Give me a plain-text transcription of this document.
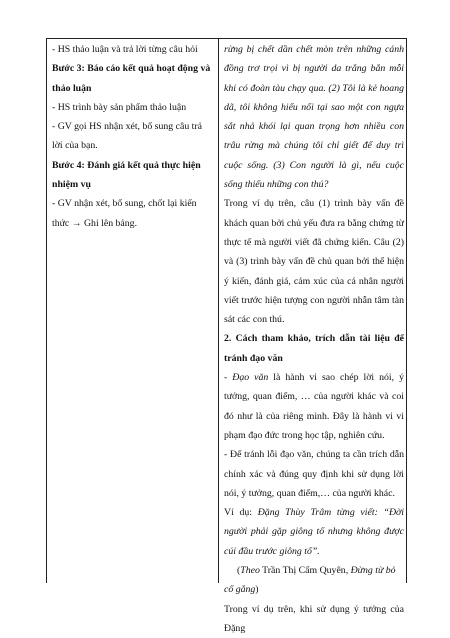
- HS thảo luận và trả lời từng câu hỏi

Bước 3: Báo cáo kết quả hoạt động và thảo luận

- HS trình bày sản phẩm thảo luận

- GV gọi HS nhận xét, bổ sung câu trả lời của bạn.

Bước 4: Đánh giá kết quả thực hiện nhiệm vụ

- GV nhận xét, bổ sung, chốt lại kiến thức → Ghi lên bảng.

rừng bị chết dần chết mòn trên những cánh đồng trơ trọi vì bị người da trắng bắn mỗi khi có đoàn tàu chạy qua. (2) Tôi là kẻ hoang dã, tôi không hiểu nổi tại sao một con ngựa sắt nhả khói lại quan trọng hơn nhiều con trâu rừng mà chúng tôi chỉ giết để duy trì cuộc sống. (3) Con người là gì, nếu cuộc sống thiếu những con thú?

Trong ví dụ trên, câu (1) trình bày vấn đề khách quan bởi chủ yếu đưa ra bằng chứng từ thực tế mà người viết đã chứng kiến. Câu (2) và (3) trình bày vấn đề chủ quan bởi thể hiện ý kiến, đánh giá, cảm xúc của cá nhân người viết trước hiện tượng con người nhẫn tâm tàn sát các con thú.

2. Cách tham khảo, trích dẫn tài liệu để tránh đạo văn

- Đạo văn là hành vi sao chép lời nói, ý tưởng, quan điểm, … của người khác và coi đó như là của riêng mình. Đây là hành vi vi phạm đạo đức trong học tập, nghiên cứu.

- Để tránh lỗi đạo văn, chúng ta cần trích dẫn chính xác và đúng quy định khi sử dụng lời nói, ý tưởng, quan điểm,… của người khác.

Ví dụ: Đặng Thùy Trâm từng viết: “Đời người phải gặp giông tố nhưng không được cúi đầu trước giông tố”.

(Theo Trần Thị Cẩm Quyên, Đừng từ bỏ cố gắng)

Trong ví dụ trên, khi sử dụng ý tưởng của Đặng
